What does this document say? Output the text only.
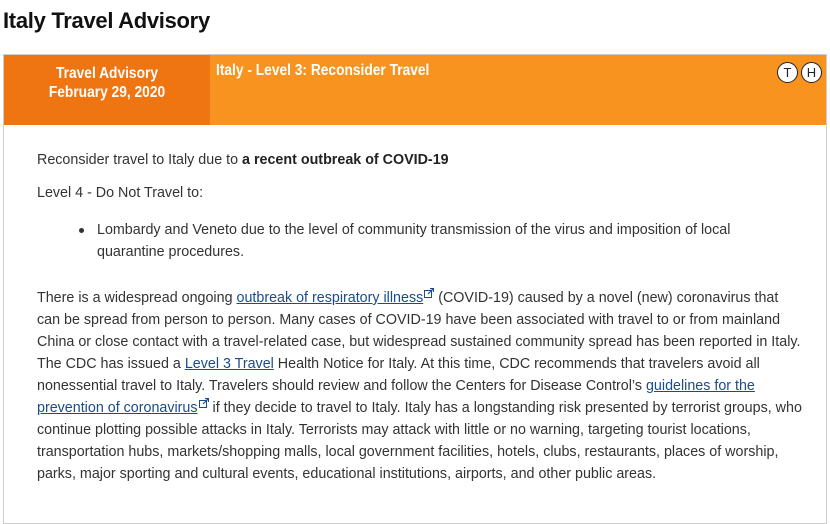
Italy Travel Advisory
Travel Advisory
February 29, 2020
Italy - Level 3: Reconsider Travel	T	H

Reconsider travel to Italy due to a recent outbreak of COVID-19

Level 4 - Do Not Travel to:

Lombardy and Veneto due to the level of community transmission of the virus and imposition of local quarantine procedures.

There is a widespread ongoing outbreak of respiratory illness (COVID-19) caused by a novel (new) coronavirus that can be spread from person to person. Many cases of COVID-19 have been associated with travel to or from mainland China or close contact with a travel-related case, but widespread sustained community spread has been reported in Italy. The CDC has issued a Level 3 Travel Health Notice for Italy. At this time, CDC recommends that travelers avoid all nonessential travel to Italy. Travelers should review and follow the Centers for Disease Control’s guidelines for the prevention of coronavirus if they decide to travel to Italy. Italy has a longstanding risk presented by terrorist groups, who continue plotting possible attacks in Italy. Terrorists may attack with little or no warning, targeting tourist locations, transportation hubs, markets/shopping malls, local government facilities, hotels, clubs, restaurants, places of worship, parks, major sporting and cultural events, educational institutions, airports, and other public areas.
